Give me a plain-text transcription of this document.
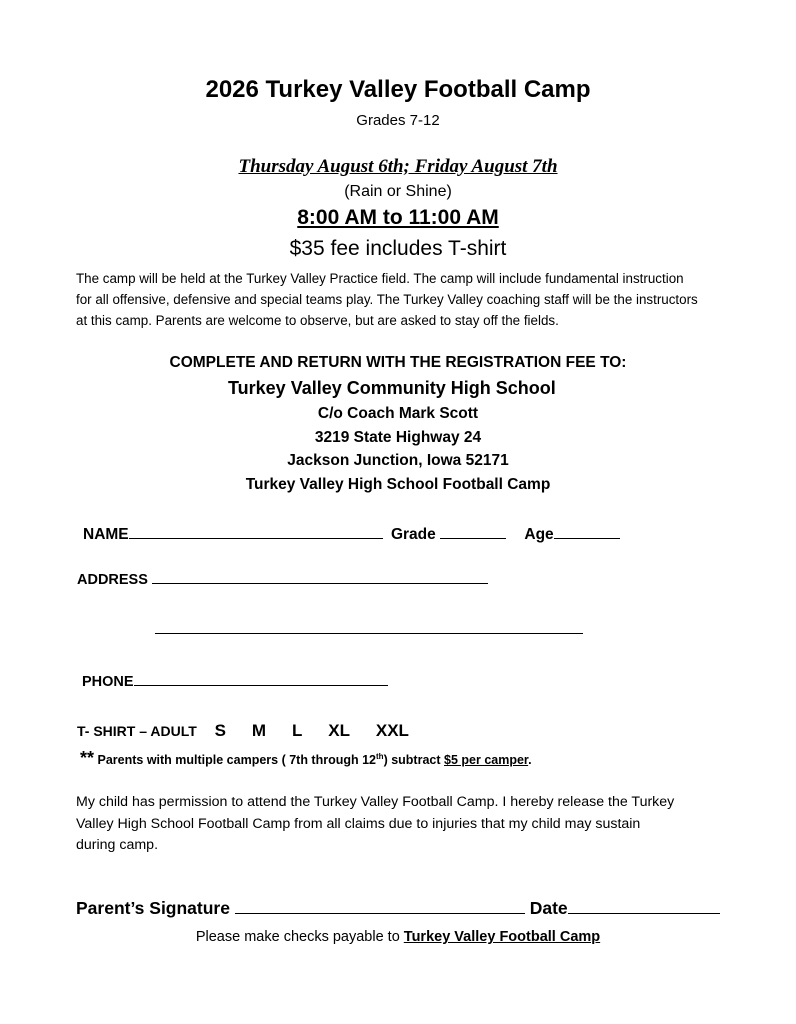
2026 Turkey Valley Football Camp
Grades 7-12
Thursday August 6th; Friday August 7th
(Rain or Shine)
8:00 AM to 11:00 AM
$35 fee includes T-shirt

The camp will be held at the Turkey Valley Practice field. The camp will include fundamental instruction

for all offensive, defensive and special teams play. The Turkey Valley coaching staff will be the instructors

at this camp. Parents are welcome to observe, but are asked to stay off the fields.

COMPLETE AND RETURN WITH THE REGISTRATION FEE TO:
Turkey Valley Community High School
C/o Coach Mark Scott
3219 State Highway 24
Jackson Junction, Iowa 52171
Turkey Valley High School Football Camp
NAME	Grade	Age
ADDRESS
PHONE
T- SHIRT – ADULT S M L XL XXL
** Parents with multiple campers ( 7th through 12th) subtract $5 per camper.

My child has permission to attend the Turkey Valley Football Camp. I hereby release the Turkey

Valley High School Football Camp from all claims due to injuries that my child may sustain

during camp.

Parent’s Signature	Date
Please make checks payable to Turkey Valley Football Camp
